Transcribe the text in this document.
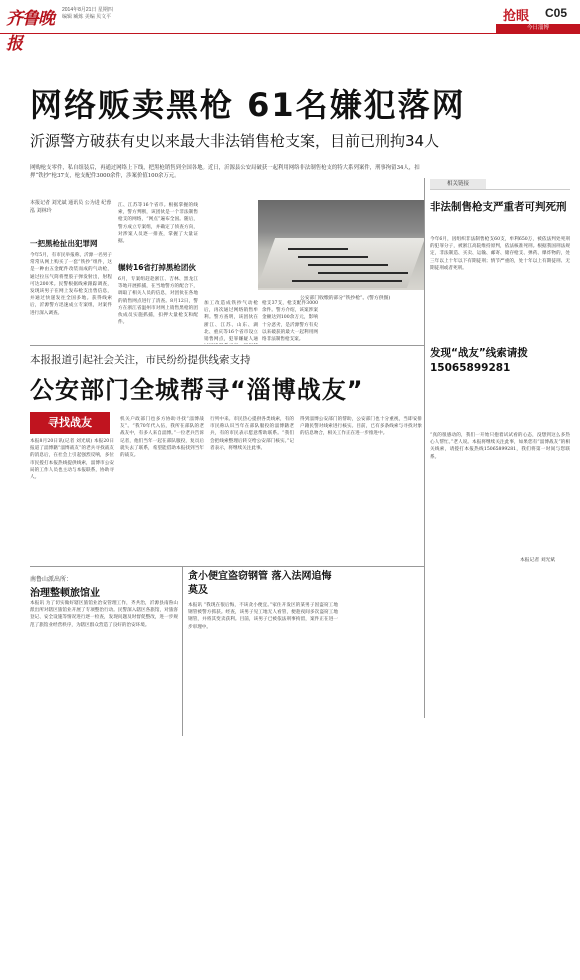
齐鲁晚报
2014年8月21日 星期四
编辑 臧炼 美编 贝文平	抢眼 C05
今日淄博
网络贩卖黑枪 61名嫌犯落网
沂源警方破获有史以来最大非法销售枪支案，目前已刑拘34人
网购枪支零件，私自组装后，再通过网络上下线，把黑枪销售到全国各地。近日，沂源县公安局破获一起利用网络非法制售枪支的特大系列案件，刑事拘留34人，扣押“铁抄”枪37支，枪支配件3000余件，涉案价值100余万元。
本报记者 刘光斌 通讯员 公为进 纪蓉泓 刘林玲
一把黑枪扯出犯罪网
今年5月，有市民举报称，沂源一名男子常常从网上购买了一套“铁抄”组件，这是一种由五金配件改装而成的气动枪，通过拉压气筒将塑胶子弹发射出，射程可达200米。民警根据线索跟踪调查，发现该男子在网上发布枪支出售信息，并通过快递发往全国多地。获得线索后，沂源警方迅速成立专案组，对案件进行深入调查。
江、江苏等16个省市。根据掌握的线索，警方判断，该团伙是一个非法制售枪支的网络，“网点”遍布全国。随后，警方成立专案组，并确定了侦查方向，对涉案人员逐一排查，掌握了大量证据。
辗转16省打掉黑枪团伙
6月，专案组赶赴浙江、吉林、黑龙江等地开展抓捕，在当地警方的配合下，调取了相关人员的信息，对团伙在各地的销售网点进行了清查。8月12日，警方在浙江省温州市对网上销售黑枪的团伙成员实施抓捕，扣押大量枪支和配件。
公安部门收缴的部分“铁抄枪”。(警方供图)
加工改造成铁抄气动枪后，再次通过网络销售牟利。警方查明，该团伙在浙江、江苏、山东、湖北、重庆等16个省市设立销售网点，犯罪嫌疑人通
枪支37支，枪支配件3000余件。警方介绍，该案涉案金额达到100余万元，影响十分恶劣，是沂源警方有史以来破获的最大一起利用网络非法制售枪支案。
相关链接
非法制售枪支严重者可判死刑
今年6月，因组织非法制售枪支60支，牟利650万，被依法判处死刑的犯罪分子，被浙江高院维持原判，依法核准死刑。根据我国刑法规定，非法制造、买卖、运输、邮寄、储存枪支、弹药、爆炸物的，处三年以上十年以下有期徒刑；情节严重的，处十年以上有期徒刑、无期徒刑或者死刑。
本报报道引起社会关注，市民纷纷提供线索支持
公安部门全城帮寻“淄博战友”
寻找战友
本报8月20日讯(记者 刘光斌) 本报20日报道了淄博籍“淄博战友”的老兵寻找战友的消息后，在社会上引起强烈反响，多位市民拨打本报热线提供线索，淄博市公安局的工作人员也主动与本报联系，协助寻人。
机关户政部门也多方协助寻找“淄博战友”。“我70年代入伍，我所在部队的老战友中，有多人来自淄博。”一位老兵告诉记者，他们当年一起在部队服役，复员后就失去了联系，希望能借助本报找到当年的战友。
行列中来。市民热心提供各类线索，有的市民称认识当年在部队服役的淄博籍老兵，有的市民表示愿意帮助联系。“我们会把线索整理后转交给公安部门核实。”记者表示，将继续关注此事。
得到淄博公安部门的帮助，公安部门也十分重视，当即安排户籍民警对线索进行核实。目前，已有多条线索与寻找对象的信息吻合，相关工作正在进一步推进中。
发现“战友”线索请拨15065899281
“真的很感动的，我们一开始只抱着试试看的心态，没想到这么多热心人帮忙。”老人说。本报将继续关注此事，如果您有“淄博战友”的相关线索，请拨打本报热线15065899281，我们将第一时间与您联系。
本报记者 刘光斌
南鲁山派出所：
治理整顿旅馆业
本报讯 为了切实做好辖区旅馆业治安管理工作，齐共治，沂源县南鲁山派出所对辖区旅馆业开展了专项整治行动。民警深入辖区各旅馆，对旅客登记、安全设施等情况进行逐一检查，发现问题及时督促整改，进一步规范了旅馆业经营秩序，为辖区群众营造了良好的治安环境。
贪小便宜盗窃钢管 落入法网追悔莫及
本报讯 “我现在很后悔，不该贪小便宜。”家住开发区的某男子因盗窃工地钢管被警方抓获。经查，该男子见工地无人看管，便趁夜间多次盗窃工地钢管，并将其变卖获利。目前，该男子已被依法刑事拘留，案件正在进一步审理中。
